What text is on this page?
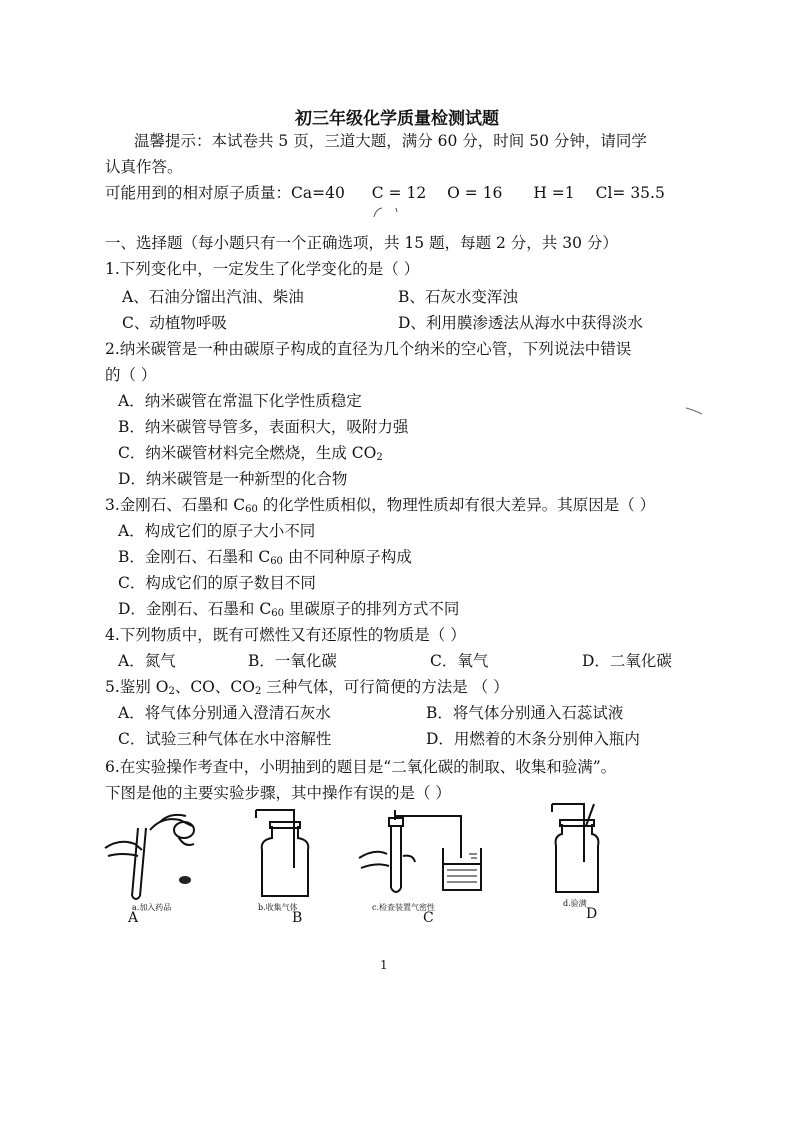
初三年级化学质量检测试题
温馨提示：本试卷共 5 页，三道大题，满分 60 分，时间 50 分钟，请同学
认真作答。
可能用到的相对原子质量：Ca=40 C = 12 O = 16 H =1 Cl= 35.5
一、选择题（每小题只有一个正确选项，共 15 题，每题 2 分，共 30 分）
1.下列变化中，一定发生了化学变化的是（ ）
A、石油分馏出汽油、柴油	B、石灰水变浑浊
C、动植物呼吸	D、利用膜渗透法从海水中获得淡水
2.纳米碳管是一种由碳原子构成的直径为几个纳米的空心管，下列说法中错误
的（ ）
A．纳米碳管在常温下化学性质稳定
B．纳米碳管导管多，表面积大，吸附力强
C．纳米碳管材料完全燃烧，生成 $CO_2$
D．纳米碳管是一种新型的化合物
3.金刚石、石墨和 $C_{60}$ 的化学性质相似，物理性质却有很大差异。其原因是（ ）
A．构成它们的原子大小不同
B．金刚石、石墨和 $C_{60}$ 由不同种原子构成
C．构成它们的原子数目不同
D．金刚石、石墨和 $C_{60}$ 里碳原子的排列方式不同
4.下列物质中，既有可燃性又有还原性的物质是（ ）
A．氮气	B．一氧化碳	C．氧气	D．二氧化碳
5.鉴别 $O_2$、CO、$CO_2$ 三种气体，可行简便的方法是 （ ）
A．将气体分别通入澄清石灰水	B．将气体分别通入石蕊试液
C．试验三种气体在水中溶解性	D．用燃着的木条分别伸入瓶内
6.在实验操作考查中，小明抽到的题目是“二氧化碳的制取、收集和验满”。
下图是他的主要实验步骤，其中操作有误的是（ ）
a.加入药品
A
b.收集气体
B
c.检查装置气密性
C
d.验满
D
1
